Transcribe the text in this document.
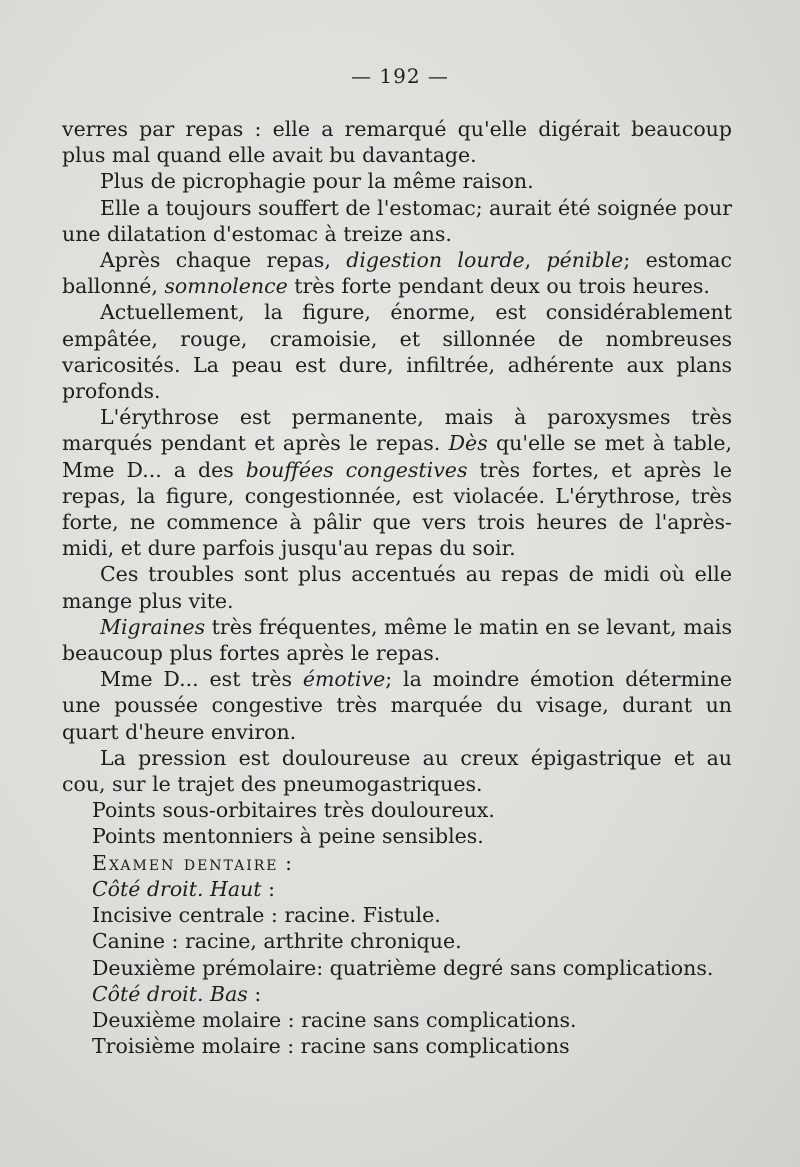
— 192 —

verres par repas : elle a remarqué qu'elle digérait beaucoup plus mal quand elle avait bu davantage.

Plus de picrophagie pour la même raison.

Elle a toujours souffert de l'estomac; aurait été soignée pour une dilatation d'estomac à treize ans.

Après chaque repas, digestion lourde, pénible; estomac ballonné, somnolence très forte pendant deux ou trois heures.

Actuellement, la figure, énorme, est considérablement empâtée, rouge, cramoisie, et sillonnée de nombreuses varicosités. La peau est dure, infiltrée, adhérente aux plans profonds.

L'érythrose est permanente, mais à paroxysmes très marqués pendant et après le repas. Dès qu'elle se met à table, Mme D... a des bouffées congestives très fortes, et après le repas, la figure, congestionnée, est violacée. L'érythrose, très forte, ne commence à pâlir que vers trois heures de l'après-midi, et dure parfois jusqu'au repas du soir.

Ces troubles sont plus accentués au repas de midi où elle mange plus vite.

Migraines très fréquentes, même le matin en se levant, mais beaucoup plus fortes après le repas.

Mme D... est très émotive; la moindre émotion détermine une poussée congestive très marquée du visage, durant un quart d'heure environ.

La pression est douloureuse au creux épigastrique et au cou, sur le trajet des pneumogastriques.

Points sous-orbitaires très douloureux.

Points mentonniers à peine sensibles.

Examen dentaire :

Côté droit. Haut :

Incisive centrale : racine. Fistule.

Canine : racine, arthrite chronique.

Deuxième prémolaire: quatrième degré sans complications.

Côté droit. Bas :

Deuxième molaire : racine sans complications.

Troisième molaire : racine sans complications
